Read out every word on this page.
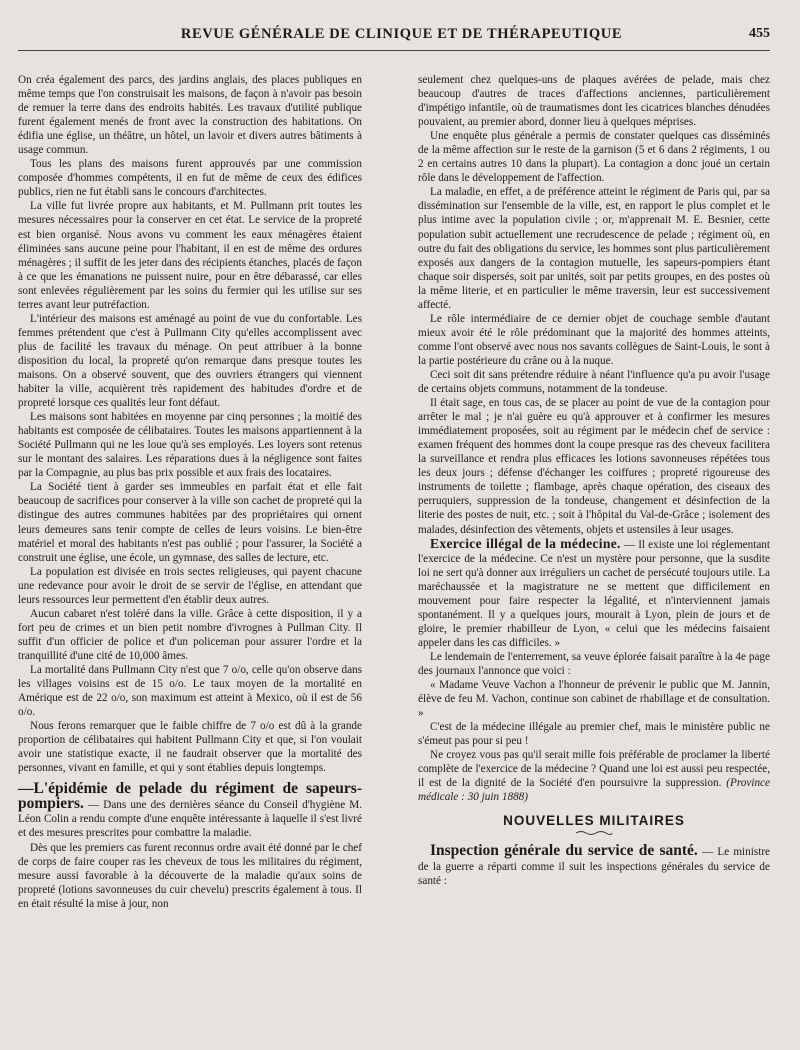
REVUE GÉNÉRALE DE CLINIQUE ET DE THÉRAPEUTIQUE	455

On créa également des parcs, des jardins anglais, des places publiques en même temps que l'on construisait les maisons, de façon à n'avoir pas besoin de remuer la terre dans des endroits habités. Les travaux d'utilité publique furent également menés de front avec la construction des habitations. On édifia une église, un théâtre, un hôtel, un lavoir et divers autres bâtiments à usage commun.

Tous les plans des maisons furent approuvés par une commission composée d'hommes compétents, il en fut de même de ceux des édifices publics, rien ne fut établi sans le concours d'architectes.

La ville fut livrée propre aux habitants, et M. Pullmann prit toutes les mesures nécessaires pour la conserver en cet état. Le service de la propreté est bien organisé. Nous avons vu comment les eaux ménagères étaient éliminées sans aucune peine pour l'habitant, il en est de même des ordures ménagères ; il suffit de les jeter dans des récipients étanches, placés de façon à ce que les émanations ne puissent nuire, pour en être débarassé, car elles sont enlevées régulièrement par les soins du fermier qui les utilise sur ses terres avant leur putréfaction.

L'intérieur des maisons est aménagé au point de vue du confortable. Les femmes prétendent que c'est à Pullmann City qu'elles accomplissent avec plus de facilité les travaux du ménage. On peut attribuer à la bonne disposition du local, la propreté qu'on remarque dans presque toutes les maisons. On a observé souvent, que des ouvriers étrangers qui viennent habiter la ville, acquièrent très rapidement des habitudes d'ordre et de propreté lorsque ces qualités leur font défaut.

Les maisons sont habitées en moyenne par cinq personnes ; la moitié des habitants est composée de célibataires. Toutes les maisons appartiennent à la Société Pullmann qui ne les loue qu'à ses employés. Les loyers sont retenus sur le montant des salaires. Les réparations dues à la négligence sont faites par la Compagnie, au plus bas prix possible et aux frais des locataires.

La Société tient à garder ses immeubles en parfait état et elle fait beaucoup de sacrifices pour conserver à la ville son cachet de propreté qui la distingue des autres communes habitées par des propriétaires qui ornent leurs demeures sans tenir compte de celles de leurs voisins. Le bien-être matériel et moral des habitants n'est pas oublié ; pour l'assurer, la Société a construit une église, une école, un gymnase, des salles de lecture, etc.

La population est divisée en trois sectes religieuses, qui payent chacune une redevance pour avoir le droit de se servir de l'église, en attendant que leurs ressources leur permettent d'en établir deux autres.

Aucun cabaret n'est toléré dans la ville. Grâce à cette disposition, il y a fort peu de crimes et un bien petit nombre d'ivrognes à Pullman City. Il suffit d'un officier de police et d'un policeman pour assurer l'ordre et la tranquillité d'une cité de 10,000 âmes.

La mortalité dans Pullmann City n'est que 7 o/o, celle qu'on observe dans les villages voisins est de 15 o/o. Le taux moyen de la mortalité en Amérique est de 22 o/o, son maximum est atteint à Mexico, où il est de 56 o/o.

Nous ferons remarquer que le faible chiffre de 7 o/o est dû à la grande proportion de célibataires qui habitent Pullmann City et que, si l'on voulait avoir une statistique exacte, il ne faudrait observer que la mortalité des personnes, vivant en famille, et qui y sont établies depuis longtemps.

—L'épidémie de pelade du régiment de sapeurs-pompiers. — Dans une des dernières séance du Conseil d'hygiène M. Léon Colin a rendu compte d'une enquête intéressante à laquelle il s'est livré et des mesures prescrites pour combattre la maladie.

Dès que les premiers cas furent reconnus ordre avait été donné par le chef de corps de faire couper ras les cheveux de tous les militaires du régiment, mesure aussi favorable à la découverte de la maladie qu'aux soins de propreté (lotions savonneuses du cuir chevelu) prescrits également à tous. Il en était résulté la mise à jour, non

seulement chez quelques-uns de plaques avérées de pelade, mais chez beaucoup d'autres de traces d'affections anciennes, particulièrement d'impétigo infantile, où de traumatismes dont les cicatrices blanches dénudées pouvaient, au premier abord, donner lieu à quelques méprises.

Une enquête plus générale a permis de constater quelques cas disséminés de la même affection sur le reste de la garnison (5 et 6 dans 2 régiments, 1 ou 2 en certains autres 10 dans la plupart). La contagion a donc joué un certain rôle dans le développement de l'affection.

La maladie, en effet, a de préférence atteint le régiment de Paris qui, par sa dissémination sur l'ensemble de la ville, est, en rapport le plus complet et le plus intime avec la population civile ; or, m'apprenait M. E. Besnier, cette population subit actuellement une recrudescence de pelade ; régiment où, en outre du fait des obligations du service, les hommes sont plus particulièrement exposés aux dangers de la contagion mutuelle, les sapeurs-pompiers étant chaque soir dispersés, soit par unités, soit par petits groupes, en des postes où la même literie, et en particulier le même traversin, leur est successivement affecté.

Le rôle intermédiaire de ce dernier objet de couchage semble d'autant mieux avoir été le rôle prédominant que la majorité des hommes atteints, comme l'ont observé avec nous nos savants collègues de Saint-Louis, le sont à la partie postérieure du crâne ou à la nuque.

Ceci soit dit sans prétendre réduire à néant l'influence qu'a pu avoir l'usage de certains objets communs, notamment de la tondeuse.

Il était sage, en tous cas, de se placer au point de vue de la contagion pour arrêter le mal ; je n'ai guère eu qu'à approuver et à confirmer les mesures immédiatement proposées, soit au régiment par le médecin chef de service : examen fréquent des hommes dont la coupe presque ras des cheveux facilitera la surveillance et rendra plus efficaces les lotions savonneuses répétées tous les deux jours ; défense d'échanger les coiffures ; propreté rigoureuse des instruments de toilette ; flambage, après chaque opération, des ciseaux des perruquiers, suppression de la tondeuse, changement et désinfection de la literie des postes de nuit, etc. ; soit à l'hôpital du Val-de-Grâce ; isolement des malades, désinfection des vêtements, objets et ustensiles à leur usages.

Exercice illégal de la médecine. — Il existe une loi réglementant l'exercice de la médecine. Ce n'est un mystère pour personne, que la susdite loi ne sert qu'à donner aux irréguliers un cachet de persécuté toujours utile. La maréchaussée et la magistrature ne se mettent que difficilement en mouvement pour faire respecter la légalité, et n'interviennent jamais spontanément. Il y a quelques jours, mourait à Lyon, plein de jours et de gloire, le premier rhabilleur de Lyon, « celui que les médecins faisaient appeler dans les cas difficiles. »

Le lendemain de l'enterrement, sa veuve éplorée faisait paraître à la 4e page des journaux l'annonce que voici :

« Madame Veuve Vachon a l'honneur de prévenir le public que M. Jannin, élève de feu M. Vachon, continue son cabinet de rhabillage et de consultation. »

C'est de la médecine illégale au premier chef, mais le ministère public ne s'émeut pas pour si peu !

Ne croyez vous pas qu'il serait mille fois préférable de proclamer la liberté complète de l'exercice de la médecine ? Quand une loi est aussi peu respectée, il est de la dignité de la Société d'en poursuivre la suppression. (Province médicale : 30 juin 1888)

NOUVELLES MILITAIRES

Inspection générale du service de santé. — Le ministre de la guerre a réparti comme il suit les inspections générales du service de santé :
